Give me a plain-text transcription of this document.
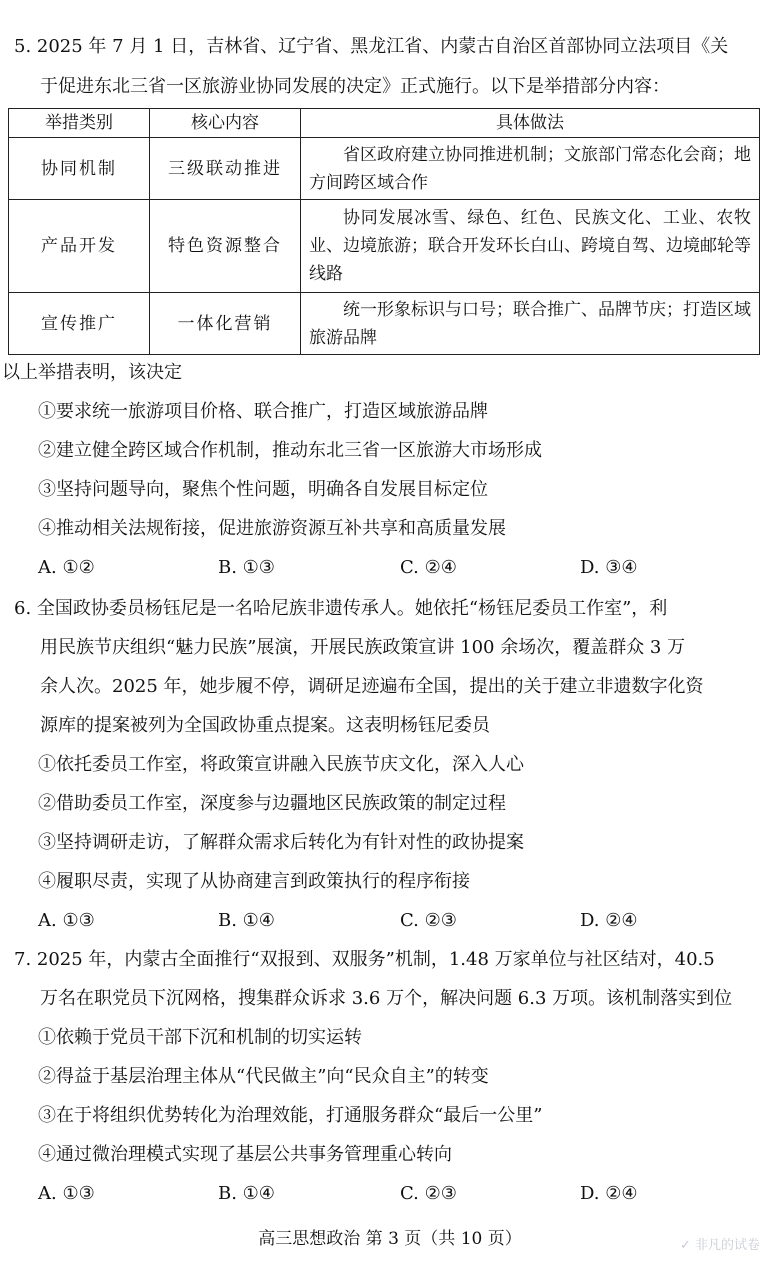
5. 2025 年 7 月 1 日，吉林省、辽宁省、黑龙江省、内蒙古自治区首部协同立法项目《关
于促进东北三省一区旅游业协同发展的决定》正式施行。以下是举措部分内容：
举措类别	核心内容	具体做法
协同机制	三级联动推进	省区政府建立协同推进机制；文旅部门常态化会商；地方间跨区域合作
产品开发	特色资源整合	协同发展冰雪、绿色、红色、民族文化、工业、农牧业、边境旅游；联合开发环长白山、跨境自驾、边境邮轮等线路
宣传推广	一体化营销	统一形象标识与口号；联合推广、品牌节庆；打造区域旅游品牌
以上举措表明，该决定
①要求统一旅游项目价格、联合推广，打造区域旅游品牌
②建立健全跨区域合作机制，推动东北三省一区旅游大市场形成
③坚持问题导向，聚焦个性问题，明确各自发展目标定位
④推动相关法规衔接，促进旅游资源互补共享和高质量发展
A. ①②	B. ①③	C. ②④	D. ③④
6. 全国政协委员杨钰尼是一名哈尼族非遗传承人。她依托“杨钰尼委员工作室”，利
用民族节庆组织“魅力民族”展演，开展民族政策宣讲 100 余场次，覆盖群众 3 万
余人次。2025 年，她步履不停，调研足迹遍布全国，提出的关于建立非遗数字化资
源库的提案被列为全国政协重点提案。这表明杨钰尼委员
①依托委员工作室，将政策宣讲融入民族节庆文化，深入人心
②借助委员工作室，深度参与边疆地区民族政策的制定过程
③坚持调研走访，了解群众需求后转化为有针对性的政协提案
④履职尽责，实现了从协商建言到政策执行的程序衔接
A. ①③	B. ①④	C. ②③	D. ②④
7. 2025 年，内蒙古全面推行“双报到、双服务”机制，1.48 万家单位与社区结对，40.5
万名在职党员下沉网格，搜集群众诉求 3.6 万个，解决问题 6.3 万项。该机制落实到位
①依赖于党员干部下沉和机制的切实运转
②得益于基层治理主体从“代民做主”向“民众自主”的转变
③在于将组织优势转化为治理效能，打通服务群众“最后一公里”
④通过微治理模式实现了基层公共事务管理重心转向
A. ①③	B. ①④	C. ②③	D. ②④
高三思想政治 第 3 页（共 10 页）	✓ 非凡的试卷
